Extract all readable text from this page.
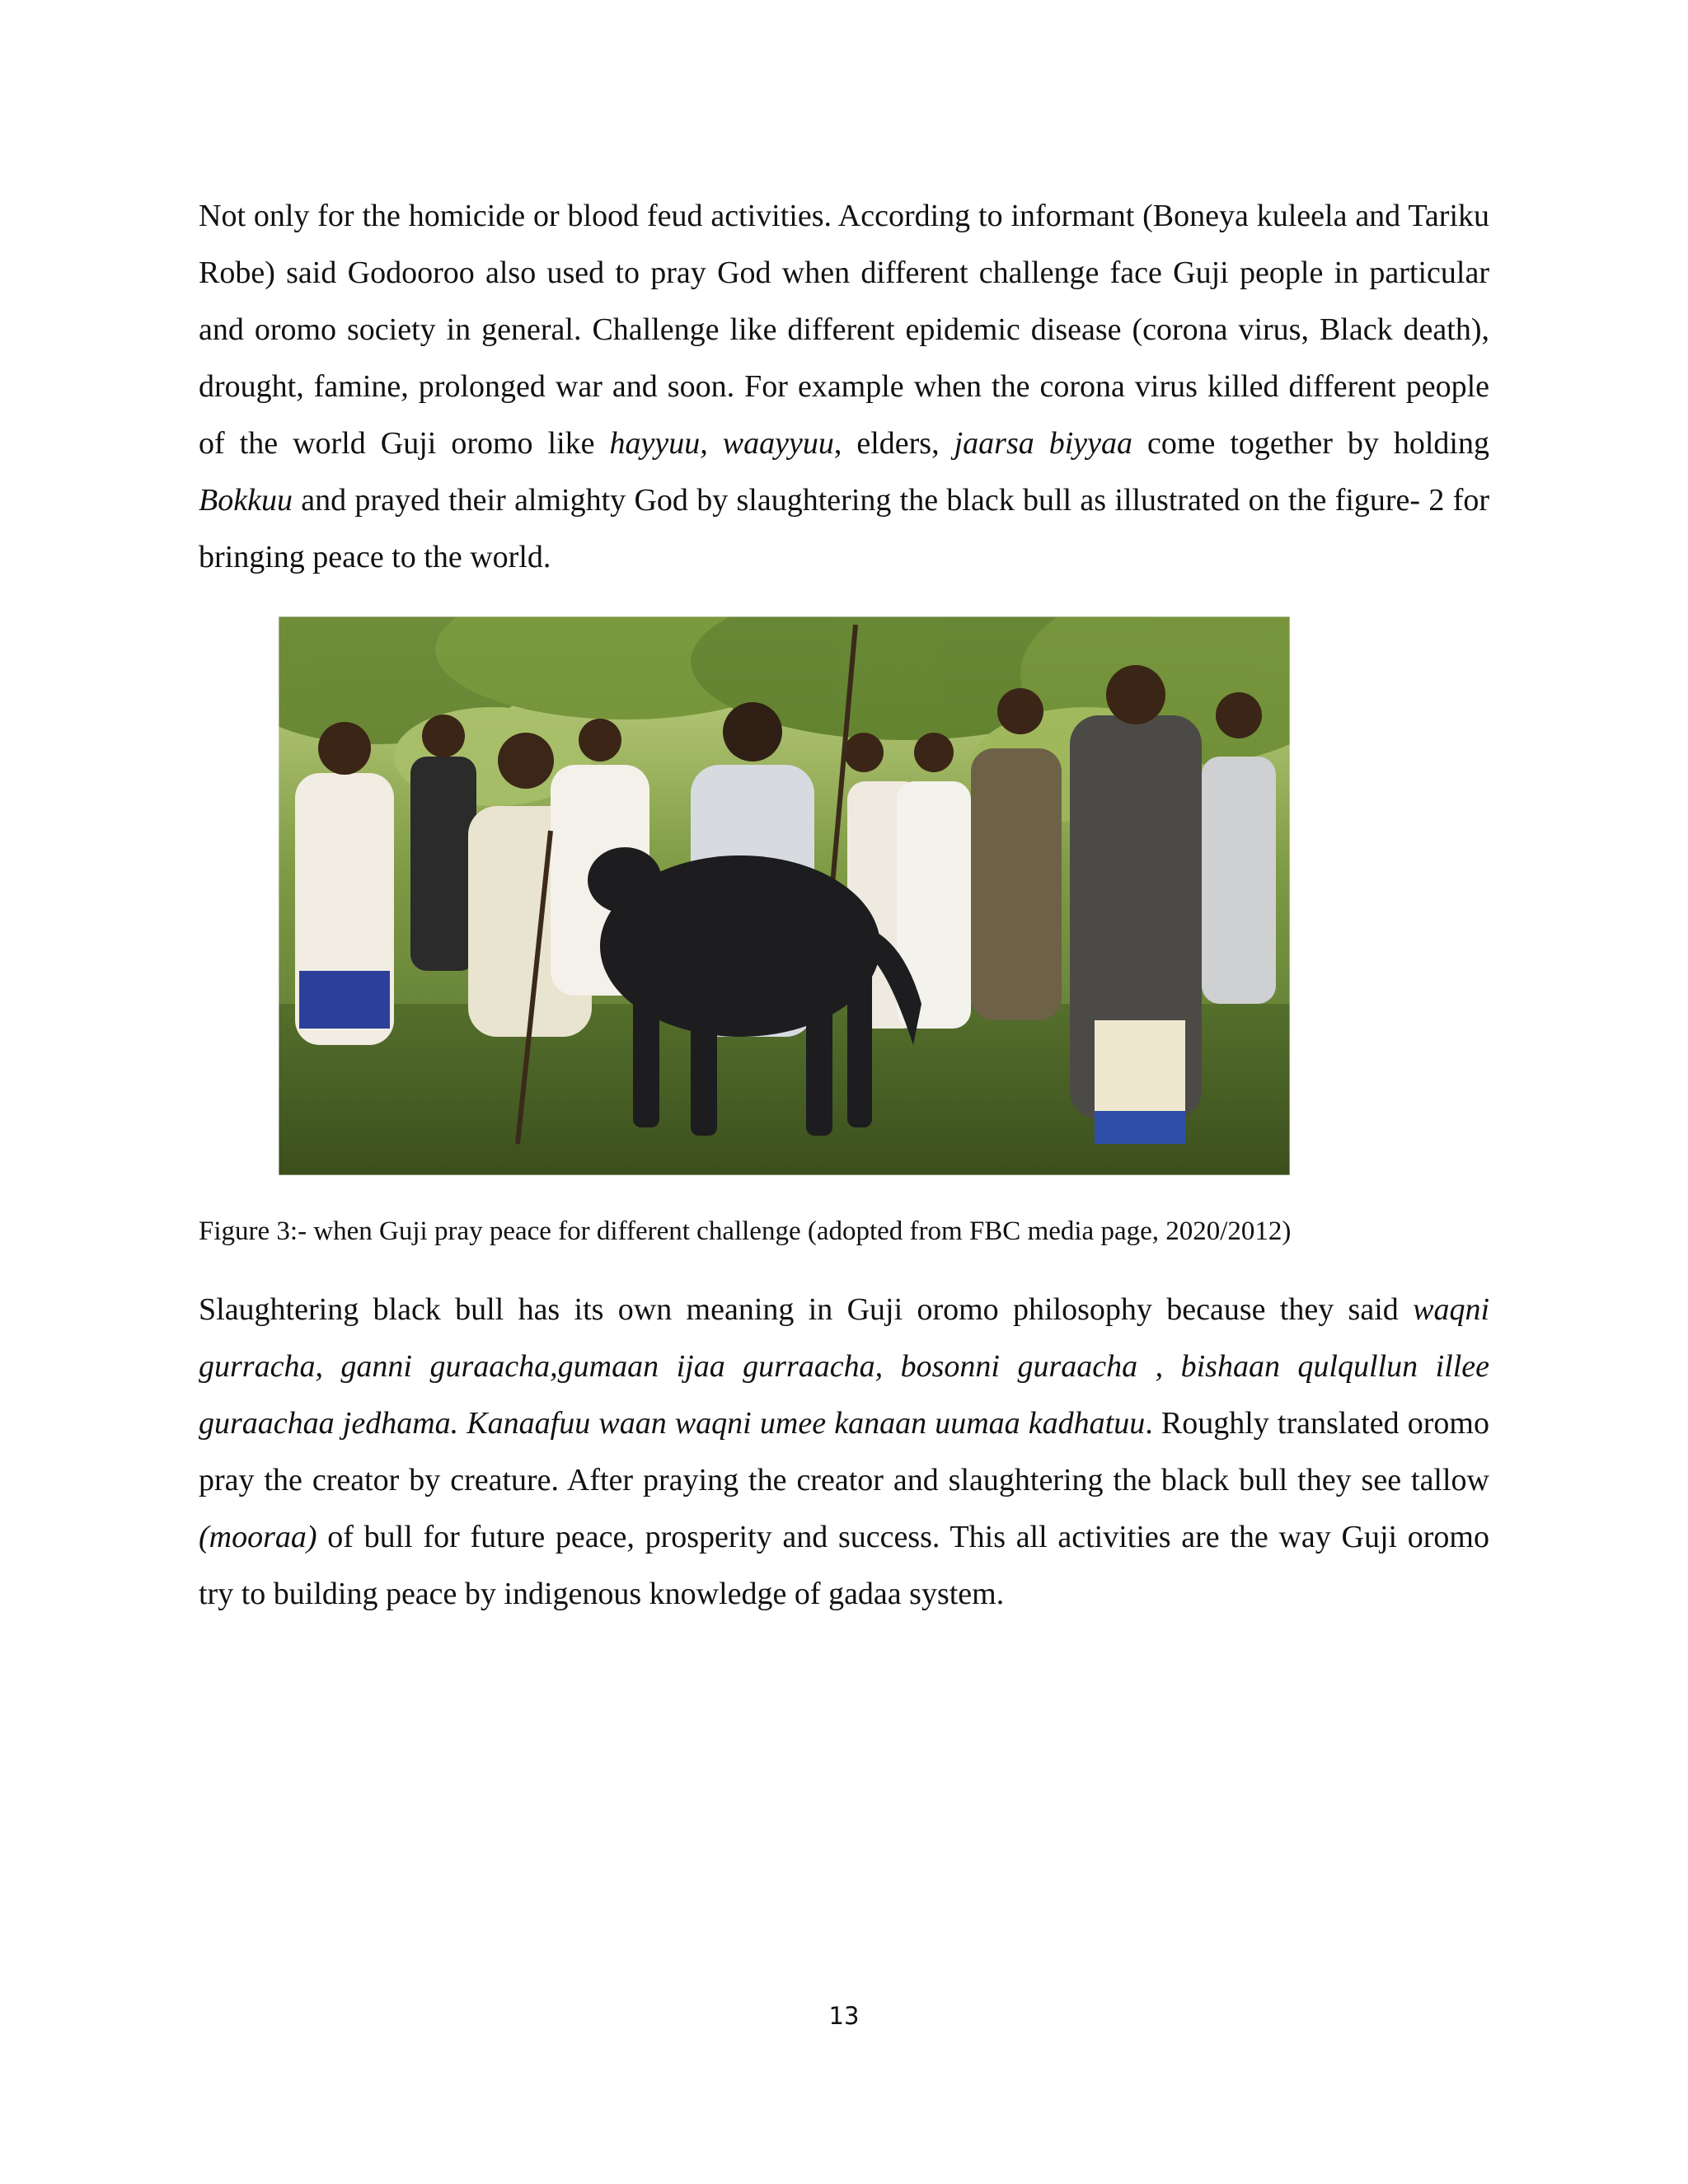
Not only for the homicide or blood feud activities. According to informant (Boneya kuleela and Tariku Robe) said Godooroo also used to pray God when different challenge face Guji people in particular and oromo society in general. Challenge like different epidemic disease (corona virus, Black death), drought, famine, prolonged war and soon. For example when the corona virus killed different people of the world Guji oromo like hayyuu, waayyuu, elders, jaarsa biyyaa come together by holding Bokkuu and prayed their almighty God by slaughtering the black bull as illustrated on the figure- 2 for bringing peace to the world.

Figure 3:- when Guji pray peace for different challenge (adopted from FBC media page, 2020/2012)

Slaughtering black bull has its own meaning in Guji oromo philosophy because they said waqni gurracha, ganni guraacha,gumaan ijaa gurraacha, bosonni guraacha , bishaan qulqullun illee guraachaa jedhama. Kanaafuu waan waqni umee kanaan uumaa kadhatuu. Roughly translated oromo pray the creator by creature. After praying the creator and slaughtering the black bull they see tallow (mooraa) of bull for future peace, prosperity and success. This all activities are the way Guji oromo try to building peace by indigenous knowledge of gadaa system.

13
